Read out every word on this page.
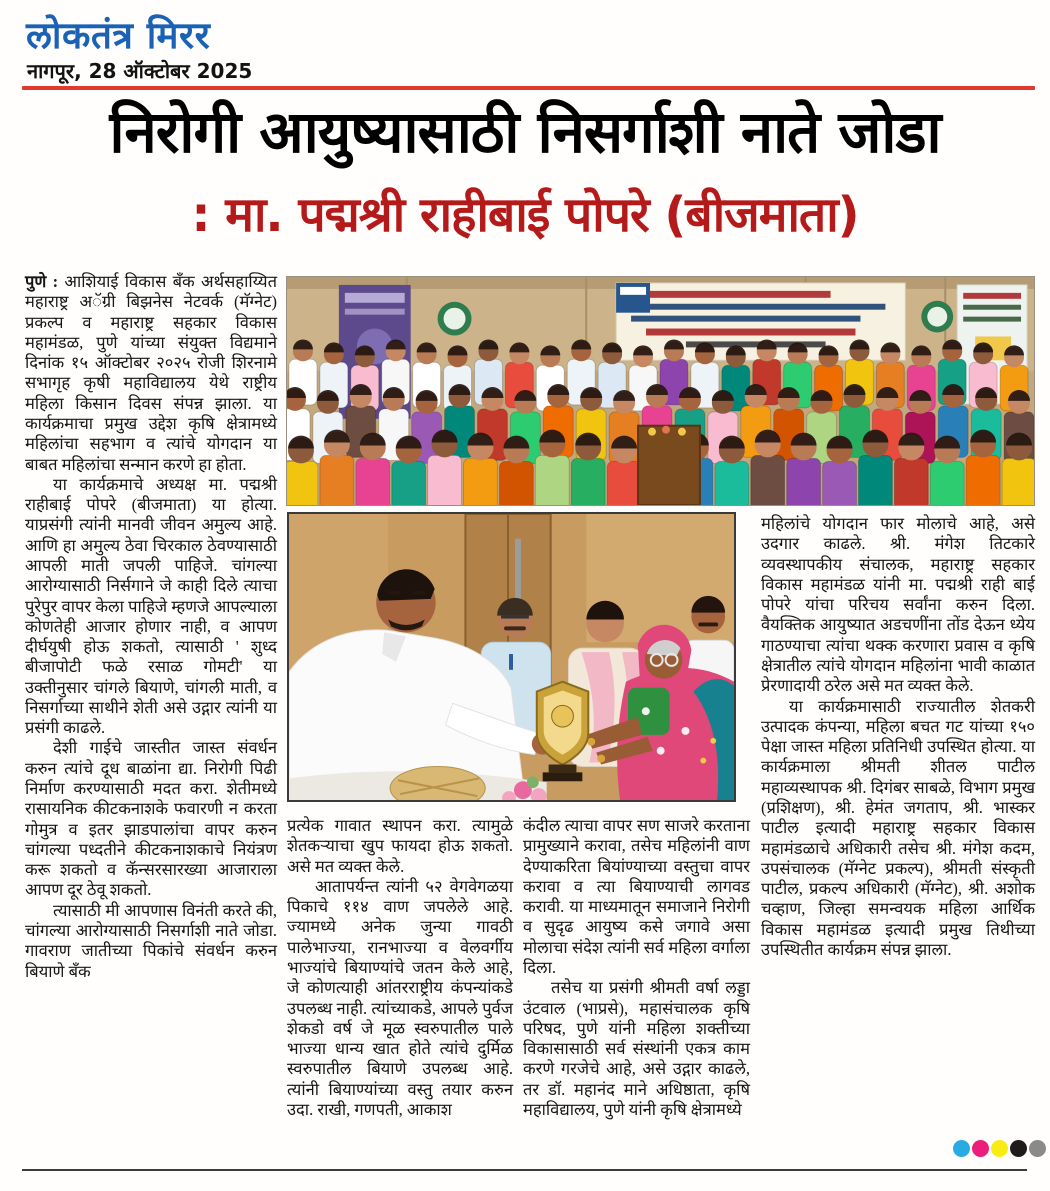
लोकतंत्र मिरर
नागपूर, 28 ऑक्टोबर 2025
निरोगी आयुष्यासाठी निसर्गाशी नाते जोडा
: मा. पद्मश्री राहीबाई पोपरे (बीजमाता)

पुणे : आशियाई विकास बँक अर्थसहाय्यित महाराष्ट्र अॅग्री बिझनेस नेटवर्क (मॅग्नेट) प्रकल्प व महाराष्ट्र सहकार विकास महामंडळ, पुणे यांच्या संयुक्त विद्यमाने दिनांक १५ ऑक्टोबर २०२५ रोजी शिरनामे सभागृह कृषी महाविद्यालय येथे राष्ट्रीय महिला किसान दिवस संपन्न झाला. या कार्यक्रमाचा प्रमुख उद्देश कृषि क्षेत्रामध्ये महिलांचा सहभाग व त्यांचे योगदान या बाबत महिलांचा सन्मान करणे हा होता.

या कार्यक्रमाचे अध्यक्ष मा. पद्मश्री राहीबाई पोपरे (बीजमाता) या होत्या. याप्रसंगी त्यांनी मानवी जीवन अमुल्य आहे. आणि हा अमुल्य ठेवा चिरकाल ठेवण्यासाठी आपली माती जपली पाहिजे. चांगल्या आरोग्यासाठी निर्सगाने जे काही दिले त्याचा पुरेपुर वापर केला पाहिजे म्हणजे आपल्याला कोणतेही आजार होणार नाही, व आपण दीर्घयुषी होऊ शकतो, त्यासाठी ' शुध्द बीजापोटी फळे रसाळ गोमटी' या उक्तीनुसार चांगले बियाणे, चांगली माती, व निसर्गाच्या साथीने शेती असे उद्गार त्यांनी या प्रसंगी काढले.

देशी गाईचे जास्तीत जास्त संवर्धन करुन त्यांचे दूध बाळांना द्या. निरोगी पिढी निर्माण करण्यासाठी मदत करा. शेतीमध्ये रासायनिक कीटकनाशके फवारणी न करता गोमुत्र व इतर झाडपालांचा वापर करुन चांगल्या पध्दतीने कीटकनाशकाचे नियंत्रण करू शकतो व कॅन्सरसारख्या आजाराला आपण दूर ठेवू शकतो.

त्यासाठी मी आपणास विनंती करते की, चांगल्या आरोग्यासाठी निसर्गाशी नाते जोडा. गावराण जातीच्या पिकांचे संवर्धन करुन बियाणे बँक

प्रत्येक गावात स्थापन करा. त्यामुळे शेतकऱ्याचा खुप फायदा होऊ शकतो. असे मत व्यक्त केले.

आतापर्यन्त त्यांनी ५२ वेगवेगळया पिकाचे ११४ वाण जपलेले आहे. ज्यामध्ये अनेक जुन्या गावठी पालेभाज्या, रानभाज्या व वेलवर्गीय भाज्यांचे बियाण्यांचे जतन केले आहे, जे कोणत्याही आंतरराष्ट्रीय कंपन्यांकडे उपलब्ध नाही. त्यांच्याकडे, आपले पुर्वज शेकडो वर्ष जे मूळ स्वरुपातील पाले भाज्या धान्य खात होते त्यांचे दुर्मिळ स्वरुपातील बियाणे उपलब्ध आहे. त्यांनी बियाण्यांच्या वस्तु तयार करुन उदा. राखी, गणपती, आकाश

कंदील त्याचा वापर सण साजरे करताना प्रामुख्याने करावा, तसेच महिलांनी वाण देण्याकरिता बियांण्याच्या वस्तुचा वापर करावा व त्या बियाण्याची लागवड करावी. या माध्यमातून समाजाने निरोगी व सुदृढ आयुष्य कसे जगावे असा मोलाचा संदेश त्यांनी सर्व महिला वर्गाला दिला.

तसेच या प्रसंगी श्रीमती वर्षा लड्डा उंटवाल (भाप्रसे), महासंचालक कृषि परिषद, पुणे यांनी महिला शक्तीच्या विकासासाठी सर्व संस्थांनी एकत्र काम करणे गरजेचे आहे, असे उद्गार काढले, तर डॉ. महानंद माने अधिष्ठाता, कृषि महाविद्यालय, पुणे यांनी कृषि क्षेत्रामध्ये

महिलांचे योगदान फार मोलाचे आहे, असे उदगार काढले. श्री. मंगेश तिटकारे व्यवस्थापकीय संचालक, महाराष्ट्र सहकार विकास महामंडळ यांनी मा. पद्मश्री राही बाई पोपरे यांचा परिचय सर्वांना करुन दिला. वैयक्तिक आयुष्यात अडचणींना तोंड देऊन ध्येय गाठण्याचा त्यांचा थक्क करणारा प्रवास व कृषि क्षेत्रातील त्यांचे योगदान महिलांना भावी काळात प्रेरणादायी ठरेल असे मत व्यक्त केले.

या कार्यक्रमासाठी राज्यातील शेतकरी उत्पादक कंपन्या, महिला बचत गट यांच्या १५० पेक्षा जास्त महिला प्रतिनिधी उपस्थित होत्या. या कार्यक्रमाला श्रीमती शीतल पाटील महाव्यस्थापक श्री. दिगंबर साबळे, विभाग प्रमुख (प्रशिक्षण), श्री. हेमंत जगताप, श्री. भास्कर पाटील इत्यादी महाराष्ट्र सहकार विकास महामंडळाचे अधिकारी तसेच श्री. मंगेश कदम, उपसंचालक (मॅग्नेट प्रकल्प), श्रीमती संस्कृती पाटील, प्रकल्प अधिकारी (मॅग्नेट), श्री. अशोक चव्हाण, जिल्हा समन्वयक महिला आर्थिक विकास महामंडळ इत्यादी प्रमुख तिथीच्या उपस्थितीत कार्यक्रम संपन्न झाला.
